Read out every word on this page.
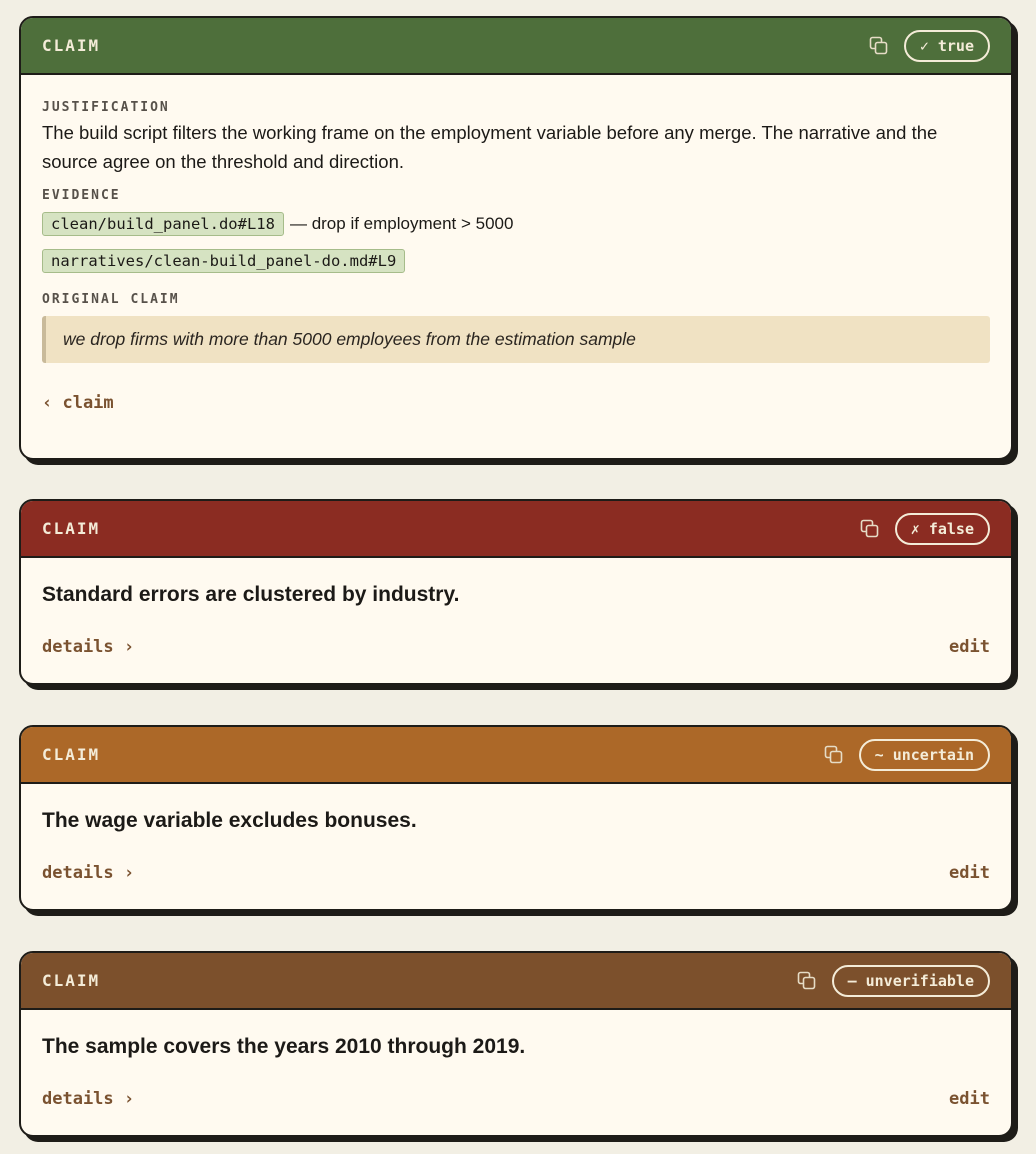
CLAIM	✓ true
JUSTIFICATION
The build script filters the working frame on the employment variable before any merge. The narrative and the source agree on the threshold and direction.
EVIDENCE
clean/build_panel.do#L18 — drop if employment > 5000
narratives/clean-build_panel-do.md#L9
ORIGINAL CLAIM
we drop firms with more than 5000 employees from the estimation sample
‹ claim
CLAIM	✗ false
Standard errors are clustered by industry.
details ›	edit
CLAIM	~ uncertain
The wage variable excludes bonuses.
details ›	edit
CLAIM	— unverifiable
The sample covers the years 2010 through 2019.
details ›	edit
